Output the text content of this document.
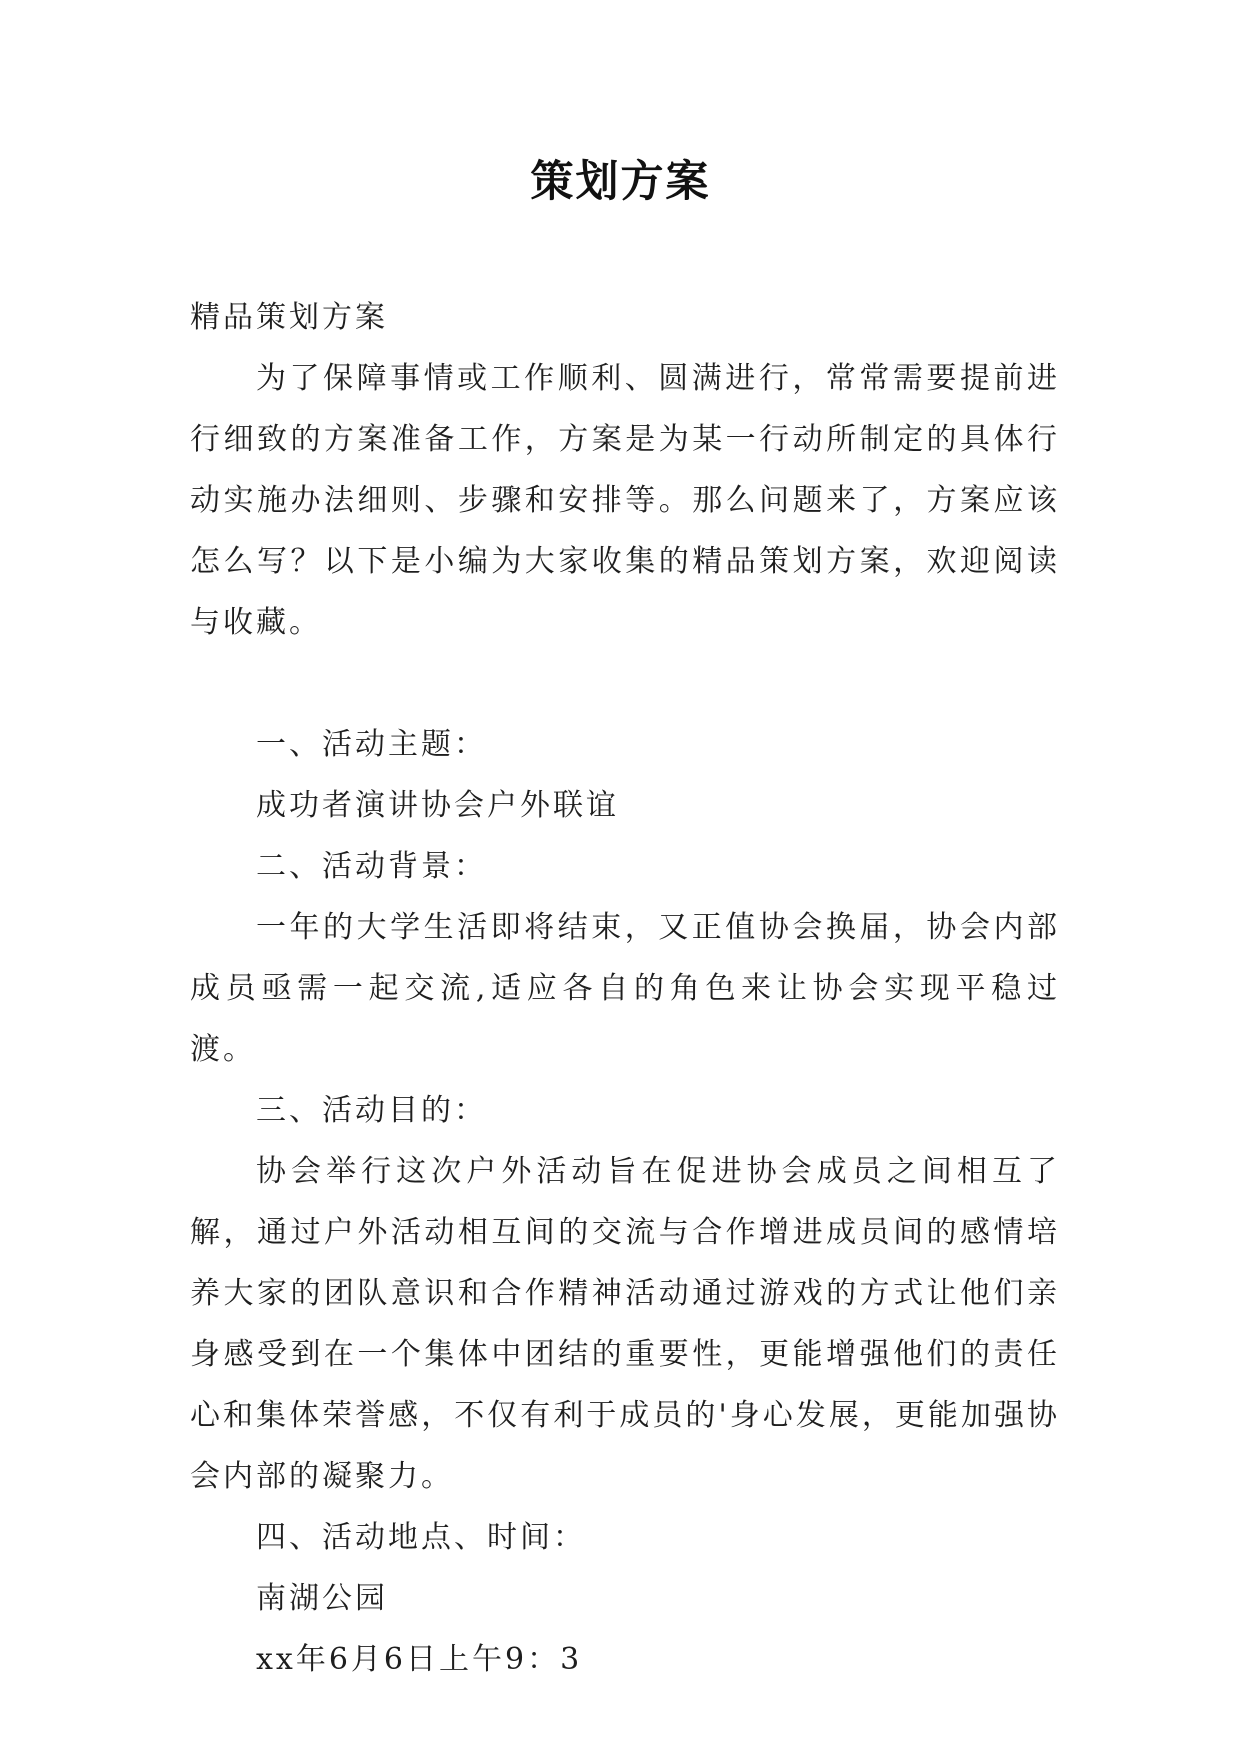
策划方案

精品策划方案

为了保障事情或工作顺利、圆满进行，常常需要提前进行细致的方案准备工作，方案是为某一行动所制定的具体行动实施办法细则、步骤和安排等。那么问题来了，方案应该怎么写？以下是小编为大家收集的精品策划方案，欢迎阅读与收藏。

一、活动主题：

成功者演讲协会户外联谊

二、活动背景：

一年的大学生活即将结束，又正值协会换届，协会内部成员亟需一起交流,适应各自的角色来让协会实现平稳过渡。

三、活动目的：

协会举行这次户外活动旨在促进协会成员之间相互了解，通过户外活动相互间的交流与合作增进成员间的感情培养大家的团队意识和合作精神活动通过游戏的方式让他们亲身感受到在一个集体中团结的重要性，更能增强他们的责任心和集体荣誉感，不仅有利于成员的'身心发展，更能加强协会内部的凝聚力。

四、活动地点、时间：

南湖公园

xx年6月6日上午9：3
